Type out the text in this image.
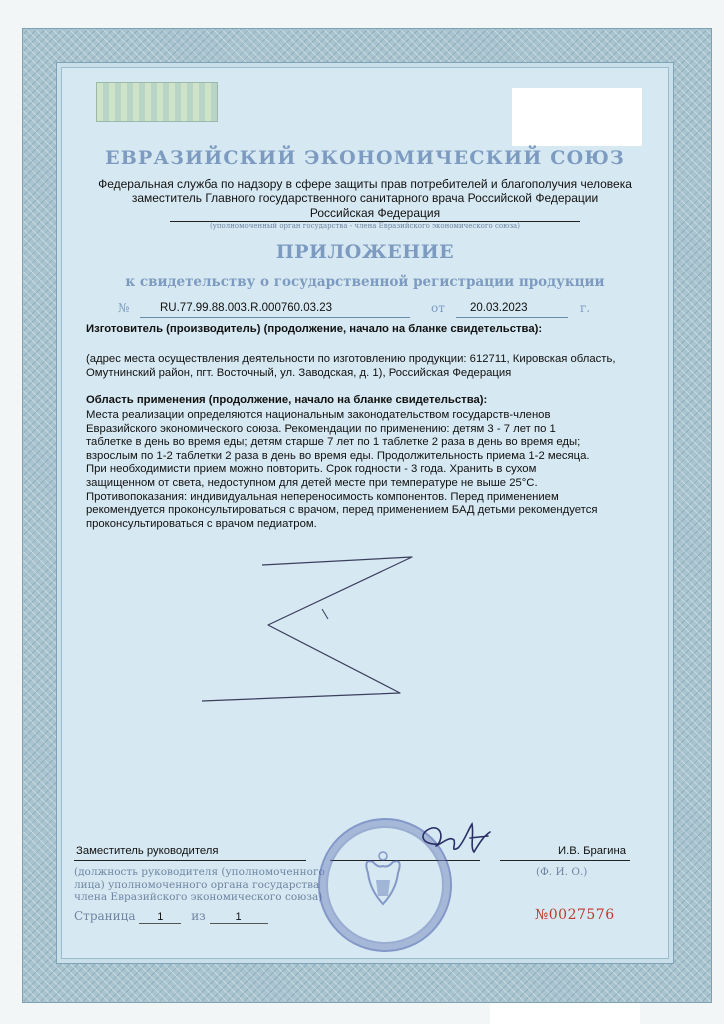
ЕВРАЗИЙСКИЙ ЭКОНОМИЧЕСКИЙ СОЮЗ
Федеральная служба по надзору в сфере защиты прав потребителей и благополучия человека
заместитель Главного государственного санитарного врача Российской Федерации
Российская Федерация
(уполномоченный орган государства - члена Евразийского экономического союза)
ПРИЛОЖЕНИЕ
к свидетельству о государственной регистрации продукции
№	RU.77.99.88.003.R.000760.03.23	от 20.03.2023	г.
Изготовитель (производитель) (продолжение, начало на бланке свидетельства):
(адрес места осуществления деятельности по изготовлению продукции: 612711, Кировская область, Омутнинский район, пгт. Восточный, ул. Заводская, д. 1), Российская Федерация
Область применения (продолжение, начало на бланке свидетельства):
Места реализации определяются национальным законодательством государств-членов
Евразийского экономического союза. Рекомендации по применению: детям 3 - 7 лет по 1
таблетке в день во время еды; детям старше 7 лет по 1 таблетке 2 раза в день во время еды;
взрослым по 1-2 таблетки 2 раза в день во время еды. Продолжительность приема 1-2 месяца.
При необходимисти прием можно повторить. Срок годности - 3 года. Хранить в сухом
защищенном от света, недоступном для детей месте при температуре не выше 25°С.
Противопоказания: индивидуальная непереносимость компонентов. Перед применением
рекомендуется проконсультироваться с врачом, перед применением БАД детьми рекомендуется
проконсультироваться с врачом педиатром.
Заместитель руководителя	И.В. Брагина
(должность руководителя (уполномоченного
лица) уполномоченного органа государства
члена Евразийского экономического союза)
(Ф. И. О.)
Страница 1 из	1	№0027576
